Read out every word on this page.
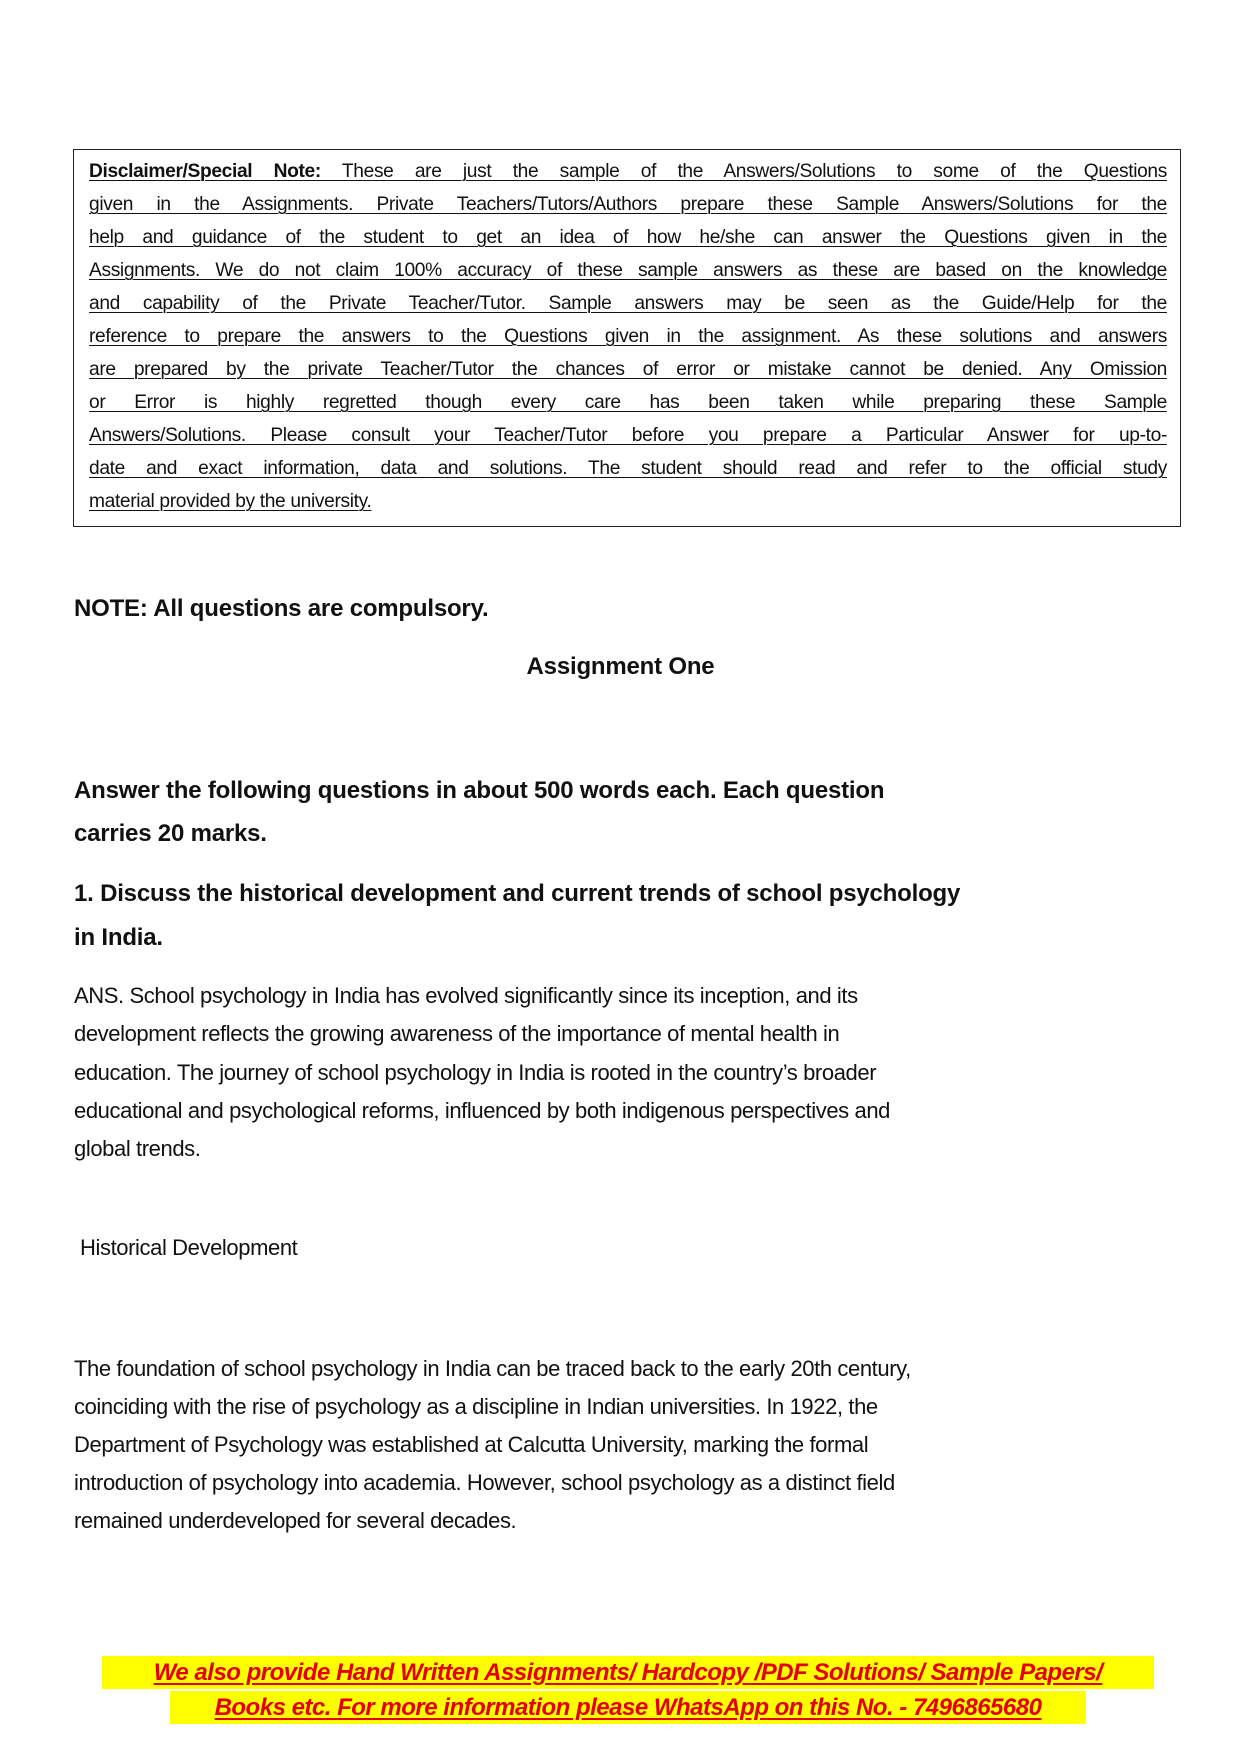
Disclaimer/Special Note: These are just the sample of the Answers/Solutions to some of the Questions
given in the Assignments. Private Teachers/Tutors/Authors prepare these Sample Answers/Solutions for the
help and guidance of the student to get an idea of how he/she can answer the Questions given in the
Assignments. We do not claim 100% accuracy of these sample answers as these are based on the knowledge
and capability of the Private Teacher/Tutor. Sample answers may be seen as the Guide/Help for the
reference to prepare the answers to the Questions given in the assignment. As these solutions and answers
are prepared by the private Teacher/Tutor the chances of error or mistake cannot be denied. Any Omission
or Error is highly regretted though every care has been taken while preparing these Sample
Answers/Solutions. Please consult your Teacher/Tutor before you prepare a Particular Answer for up-to-
date and exact information, data and solutions. The student should read and refer to the official study
material provided by the university.
NOTE: All questions are compulsory.
Assignment One
Answer the following questions in about 500 words each. Each question
carries 20 marks.
1. Discuss the historical development and current trends of school psychology
in India.
ANS. School psychology in India has evolved significantly since its inception, and its
development reflects the growing awareness of the importance of mental health in
education. The journey of school psychology in India is rooted in the country’s broader
educational and psychological reforms, influenced by both indigenous perspectives and
global trends.
Historical Development
The foundation of school psychology in India can be traced back to the early 20th century,
coinciding with the rise of psychology as a discipline in Indian universities. In 1922, the
Department of Psychology was established at Calcutta University, marking the formal
introduction of psychology into academia. However, school psychology as a distinct field
remained underdeveloped for several decades.
We also provide Hand Written Assignments/ Hardcopy /PDF Solutions/ Sample Papers/
Books etc. For more information please WhatsApp on this No. - 7496865680
